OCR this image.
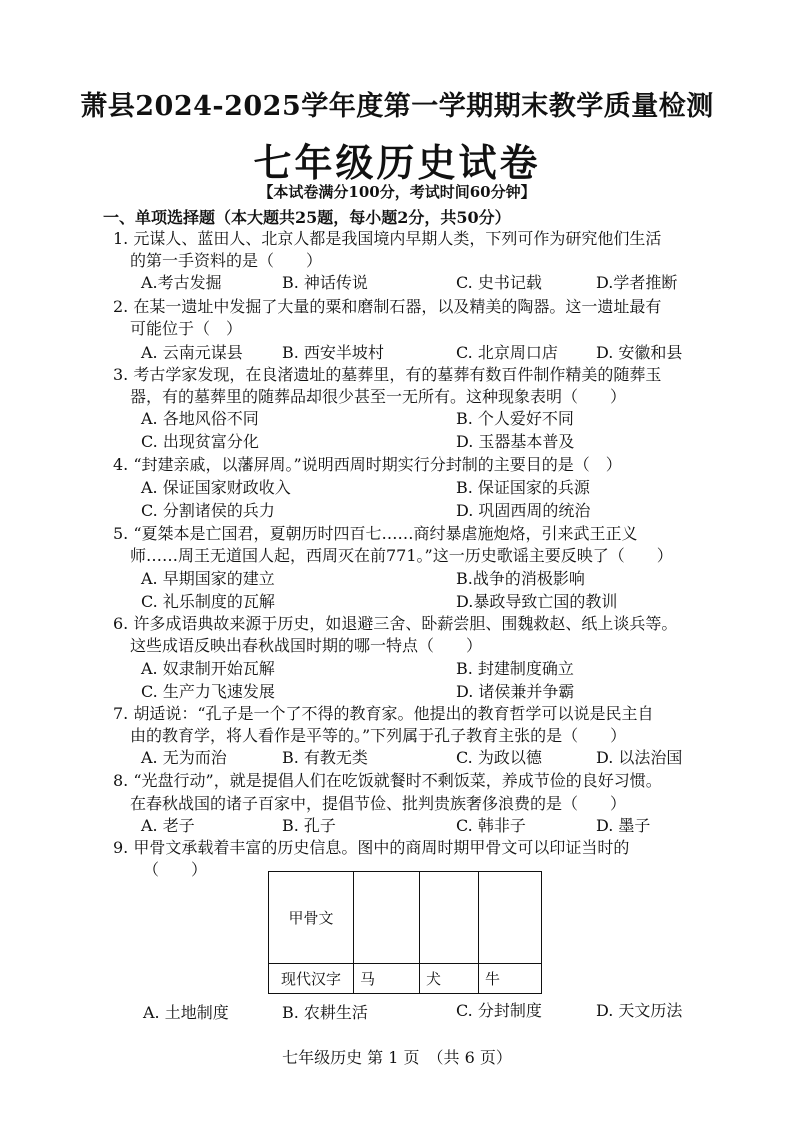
萧县2024-2025学年度第一学期期末教学质量检测
七年级历史试卷
【本试卷满分100分，考试时间60分钟】
一、单项选择题（本大题共25题，每小题2分，共50分）
1. 元谋人、蓝田人、北京人都是我国境内早期人类，下列可作为研究他们生活
的第一手资料的是（　　）
A.考古发掘	B. 神话传说	C. 史书记载	D.学者推断
2. 在某一遗址中发掘了大量的粟和磨制石器，以及精美的陶器。这一遗址最有
可能位于（　）
A. 云南元谋县 B. 西安半坡村	C. 北京周口店 D. 安徽和县
3. 考古学家发现，在良渚遗址的墓葬里，有的墓葬有数百件制作精美的随葬玉
器，有的墓葬里的随葬品却很少甚至一无所有。这种现象表明（　　）
A. 各地风俗不同	B. 个人爱好不同
C. 出现贫富分化	D. 玉器基本普及
4. “封建亲戚，以藩屏周。”说明西周时期实行分封制的主要目的是（　）
A. 保证国家财政收入	B. 保证国家的兵源
C. 分割诸侯的兵力	D. 巩固西周的统治
5. “夏桀本是亡国君，夏朝历时四百七……商纣暴虐施炮烙，引来武王正义
师……周王无道国人起，西周灭在前771。”这一历史歌谣主要反映了（　　）
A. 早期国家的建立	B.战争的消极影响
C. 礼乐制度的瓦解	D.暴政导致亡国的教训
6. 许多成语典故来源于历史，如退避三舍、卧薪尝胆、围魏救赵、纸上谈兵等。
这些成语反映出春秋战国时期的哪一特点（　　）
A. 奴隶制开始瓦解	B. 封建制度确立
C. 生产力飞速发展	D. 诸侯兼并争霸
7. 胡适说：“孔子是一个了不得的教育家。他提出的教育哲学可以说是民主自
由的教育学，将人看作是平等的。”下列属于孔子教育主张的是（　　）
A. 无为而治	B. 有教无类	C. 为政以德	D. 以法治国
8. “光盘行动”，就是提倡人们在吃饭就餐时不剩饭菜，养成节俭的良好习惯。
在春秋战国的诸子百家中，提倡节俭、批判贵族奢侈浪费的是（　　）
A. 老子	B. 孔子	C. 韩非子	D. 墨子
9. 甲骨文承载着丰富的历史信息。图中的商周时期甲骨文可以印证当时的
（　　）
甲骨文			
现代汉字	马	犬	牛
A. 土地制度	B. 农耕生活	C. 分封制度	D. 天文历法
七年级历史 第 1 页　（共 6 页）
